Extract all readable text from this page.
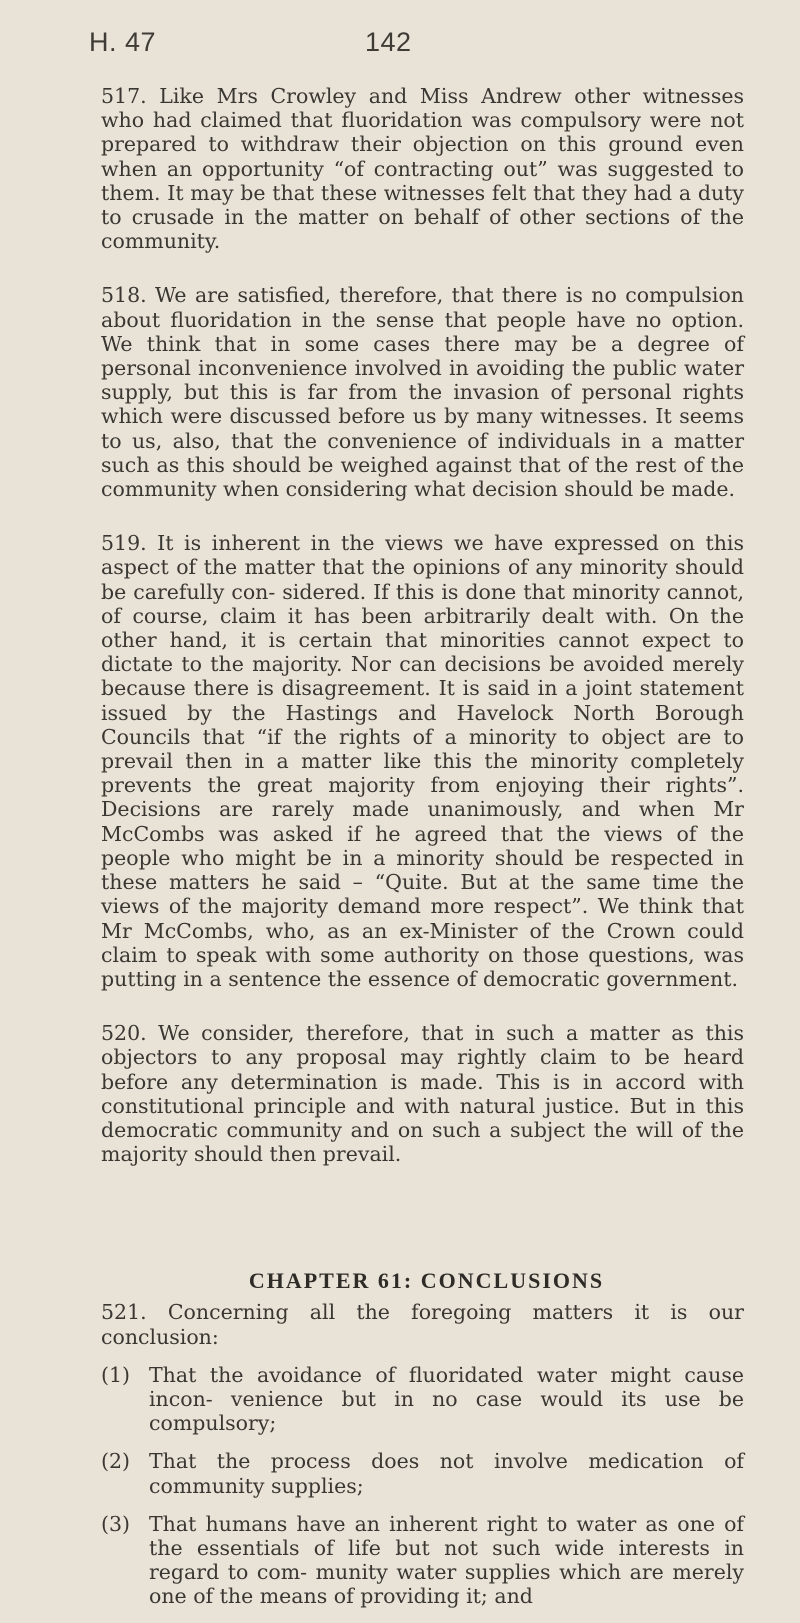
H. 47	142

517. Like Mrs Crowley and Miss Andrew other witnesses who had claimed that fluoridation was compulsory were not prepared to withdraw their objection on this ground even when an opportunity “of contracting out” was suggested to them. It may be that these witnesses felt that they had a duty to crusade in the matter on behalf of other sections of the community.

518. We are satisfied, therefore, that there is no compulsion about fluoridation in the sense that people have no option. We think that in some cases there may be a degree of personal inconvenience involved in avoiding the public water supply, but this is far from the invasion of personal rights which were discussed before us by many witnesses. It seems to us, also, that the convenience of individuals in a matter such as this should be weighed against that of the rest of the community when considering what decision should be made.

519. It is inherent in the views we have expressed on this aspect of the matter that the opinions of any minority should be carefully con- sidered. If this is done that minority cannot, of course, claim it has been arbitrarily dealt with. On the other hand, it is certain that minorities cannot expect to dictate to the majority. Nor can decisions be avoided merely because there is disagreement. It is said in a joint statement issued by the Hastings and Havelock North Borough Councils that “if the rights of a minority to object are to prevail then in a matter like this the minority completely prevents the great majority from enjoying their rights”. Decisions are rarely made unanimously, and when Mr McCombs was asked if he agreed that the views of the people who might be in a minority should be respected in these matters he said – “Quite. But at the same time the views of the majority demand more respect”. We think that Mr McCombs, who, as an ex-Minister of the Crown could claim to speak with some authority on those questions, was putting in a sentence the essence of democratic government.

520. We consider, therefore, that in such a matter as this objectors to any proposal may rightly claim to be heard before any determination is made. This is in accord with constitutional principle and with natural justice. But in this democratic community and on such a subject the will of the majority should then prevail.

CHAPTER 61: CONCLUSIONS

521. Concerning all the foregoing matters it is our conclusion:

(1) That the avoidance of fluoridated water might cause incon- venience but in no case would its use be compulsory;
(2) That the process does not involve medication of community supplies;
(3) That humans have an inherent right to water as one of the essentials of life but not such wide interests in regard to com- munity water supplies which are merely one of the means of providing it; and
